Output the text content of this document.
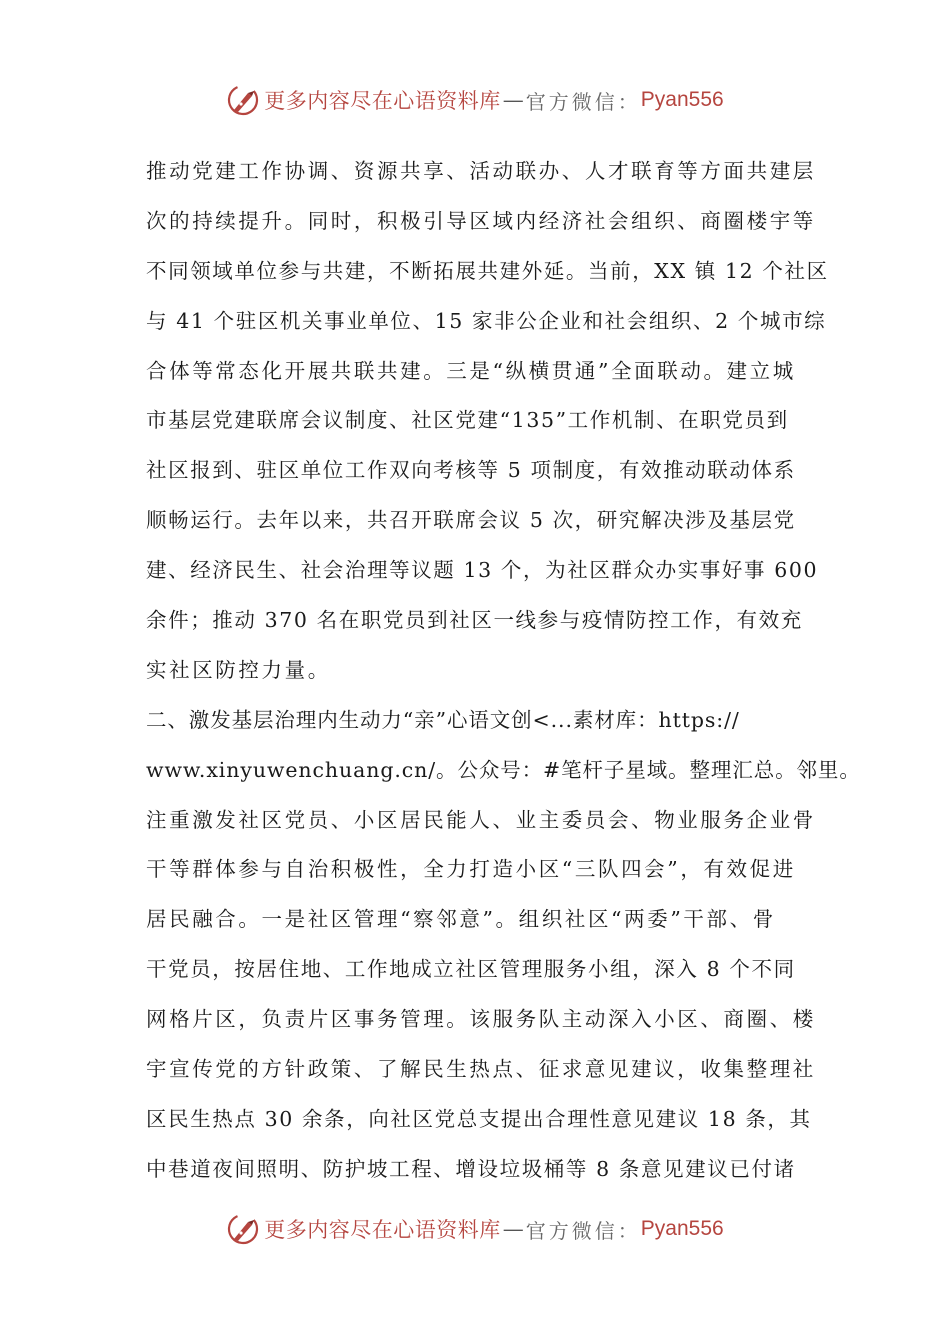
更多内容尽在心语资料库 — 官方微信： Pyan556
推动党建工作协调、资源共享、活动联办、人才联育等方面共建层
次的持续提升。同时，积极引导区域内经济社会组织、商圈楼宇等
不同领域单位参与共建，不断拓展共建外延。当前，XX 镇 12 个社区
与 41 个驻区机关事业单位、15 家非公企业和社会组织、2 个城市综
合体等常态化开展共联共建。三是“纵横贯通”全面联动。建立城
市基层党建联席会议制度、社区党建“135”工作机制、在职党员到
社区报到、驻区单位工作双向考核等 5 项制度，有效推动联动体系
顺畅运行。去年以来，共召开联席会议 5 次，研究解决涉及基层党
建、经济民生、社会治理等议题 13 个，为社区群众办实事好事 600
余件；推动 370 名在职党员到社区一线参与疫情防控工作，有效充
实社区防控力量。
二、激发基层治理内生动力“亲”心语文创<...素材库：https://
www.xinyuwenchuang.cn/。公众号：#笔杆子星域。整理汇总。邻里。
注重激发社区党员、小区居民能人、业主委员会、物业服务企业骨
干等群体参与自治积极性，全力打造小区“三队四会”，有效促进
居民融合。一是社区管理“察邻意”。组织社区“两委”干部、骨
干党员，按居住地、工作地成立社区管理服务小组，深入 8 个不同
网格片区，负责片区事务管理。该服务队主动深入小区、商圈、楼
宇宣传党的方针政策、了解民生热点、征求意见建议，收集整理社
区民生热点 30 余条，向社区党总支提出合理性意见建议 18 条，其
中巷道夜间照明、防护坡工程、增设垃圾桶等 8 条意见建议已付诸
更多内容尽在心语资料库 — 官方微信： Pyan556
